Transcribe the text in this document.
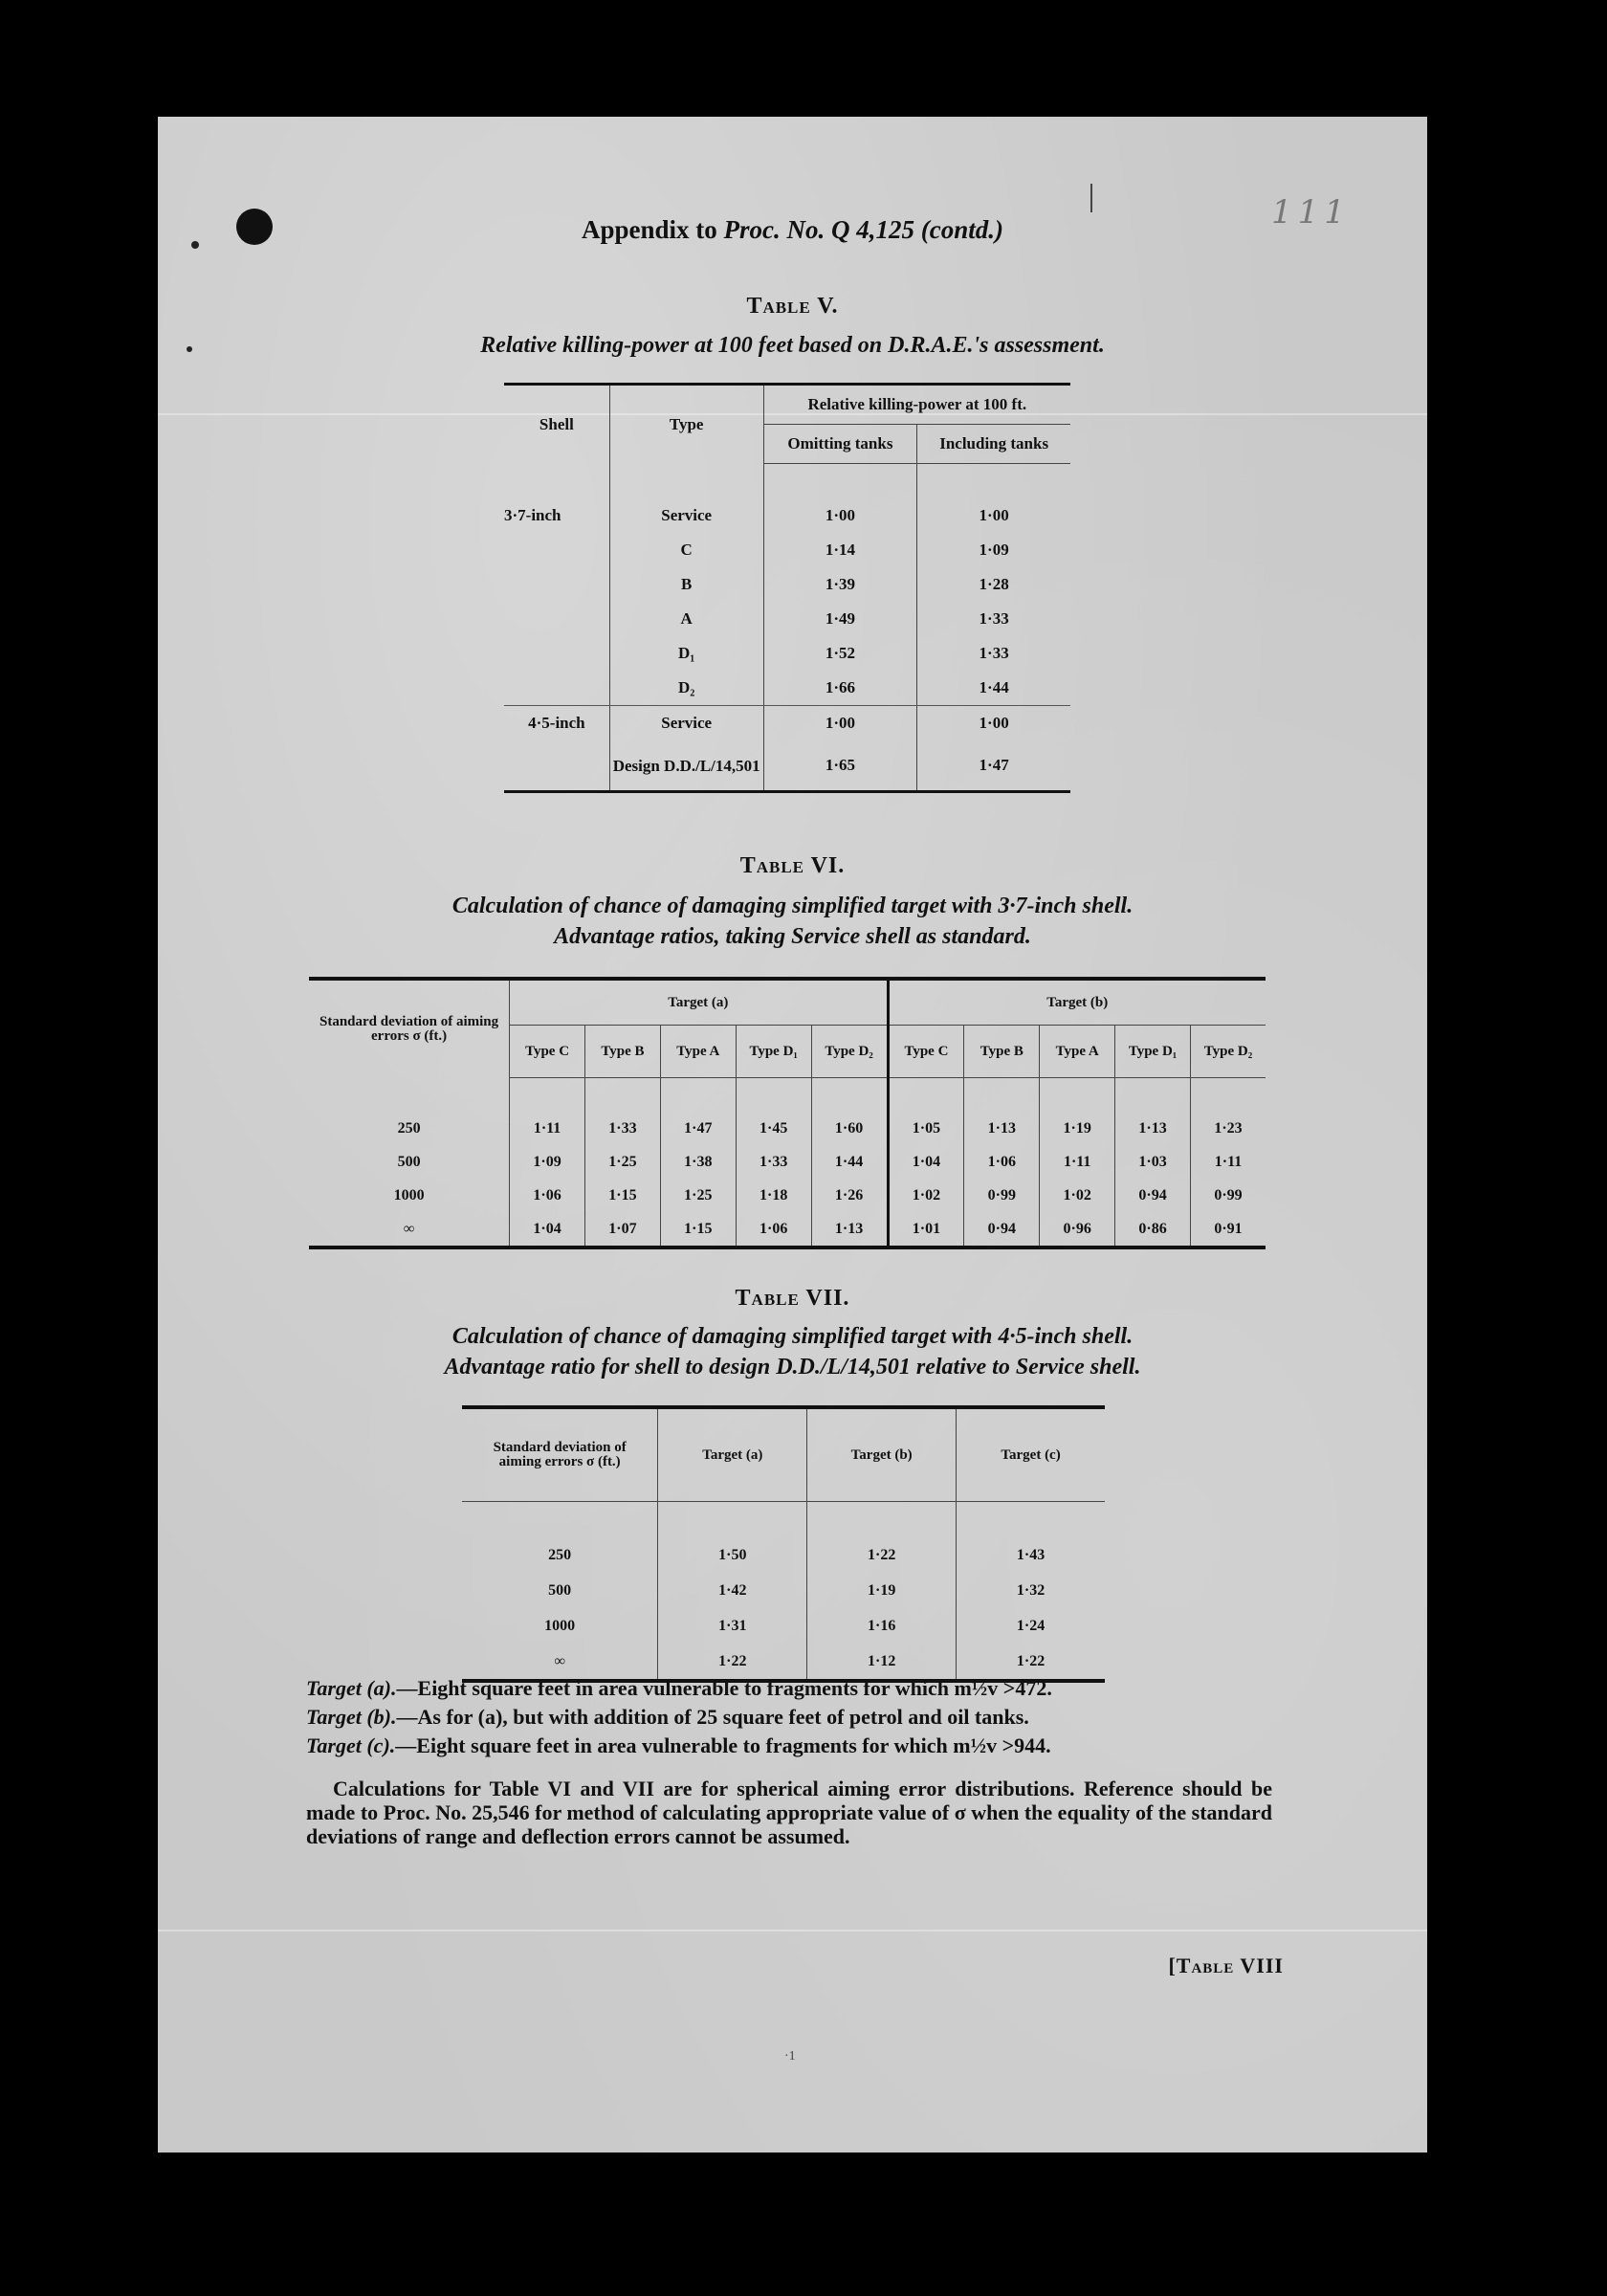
111
Appendix to Proc. No. Q 4,125 (contd.)
Table V.
Relative killing-power at 100 feet based on D.R.A.E.'s assessment.
Shell	Type	Relative killing-power at 100 ft.	
		Omitting tanks	Including tanks

3·7-inch	Service	1·00	1·00
	C	1·14	1·09
	B	1·39	1·28
	A	1·49	1·33
	D₁	1·52	1·33
	D₂	1·66	1·44
4·5-inch	Service	1·00	1·00
	Design D.D./L/14,501	1·65	1·47
Table VI.
Calculation of chance of damaging simplified target with 3·7-inch shell.
Advantage ratios, taking Service shell as standard.
Standard deviation of aiming errors σ (ft.)	Target (a)					Target (b)				
	Type C	Type B	Type A	Type D₁	Type D₂	Type C	Type B	Type A	Type D₁	Type D₂

250	1·11	1·33	1·47	1·45	1·60	1·05	1·13	1·19	1·13	1·23
500	1·09	1·25	1·38	1·33	1·44	1·04	1·06	1·11	1·03	1·11
1000	1·06	1·15	1·25	1·18	1·26	1·02	0·99	1·02	0·94	0·99
∞	1·04	1·07	1·15	1·06	1·13	1·01	0·94	0·96	0·86	0·91
Table VII.
Calculation of chance of damaging simplified target with 4·5-inch shell.
Advantage ratio for shell to design D.D./L/14,501 relative to Service shell.
Standard deviation of aiming errors σ (ft.)	Target (a)	Target (b)	Target (c)

250	1·50	1·22	1·43
500	1·42	1·19	1·32
1000	1·31	1·16	1·24
∞	1·22	1·12	1·22
Target (a).—Eight square feet in area vulnerable to fragments for which m½v >472.
Target (b).—As for (a), but with addition of 25 square feet of petrol and oil tanks.
Target (c).—Eight square feet in area vulnerable to fragments for which m½v >944.
Calculations for Table VI and VII are for spherical aiming error distributions. Reference should be made to Proc. No. 25,546 for method of calculating appropriate value of σ when the equality of the standard deviations of range and deflection errors cannot be assumed.
[Table VIII
·1
